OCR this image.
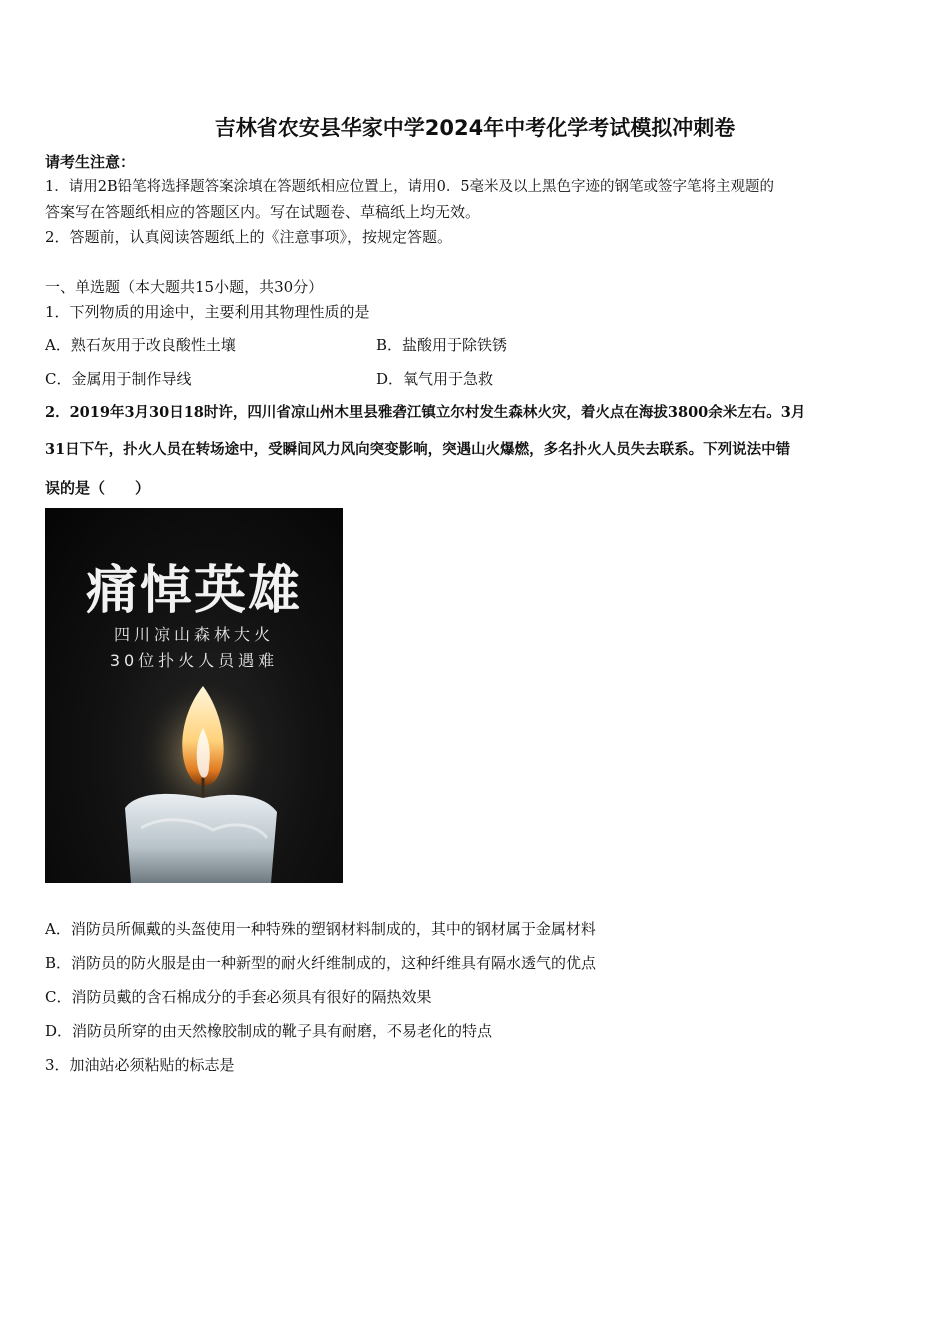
吉林省农安县华家中学2024年中考化学考试模拟冲刺卷
请考生注意：
1．请用2B铅笔将选择题答案涂填在答题纸相应位置上，请用0．5毫米及以上黑色字迹的钢笔或签字笔将主观题的
答案写在答题纸相应的答题区内。写在试题卷、草稿纸上均无效。
2．答题前，认真阅读答题纸上的《注意事项》，按规定答题。
一、单选题（本大题共15小题，共30分）
1．下列物质的用途中，主要利用其物理性质的是
A．熟石灰用于改良酸性土壤	B．盐酸用于除铁锈
C．金属用于制作导线	D．氧气用于急救
2．2019年3月30日18时许，四川省凉山州木里县雅砻江镇立尔村发生森林火灾，着火点在海拔3800余米左右。3月
31日下午，扑火人员在转场途中，受瞬间风力风向突变影响，突遇山火爆燃，多名扑火人员失去联系。下列说法中错
误的是（　　）
痛悼英雄
四川凉山森林大火
30位扑火人员遇难
A．消防员所佩戴的头盔使用一种特殊的塑钢材料制成的，其中的钢材属于金属材料
B．消防员的防火服是由一种新型的耐火纤维制成的，这种纤维具有隔水透气的优点
C．消防员戴的含石棉成分的手套必须具有很好的隔热效果
D．消防员所穿的由天然橡胶制成的靴子具有耐磨，不易老化的特点
3．加油站必须粘贴的标志是
